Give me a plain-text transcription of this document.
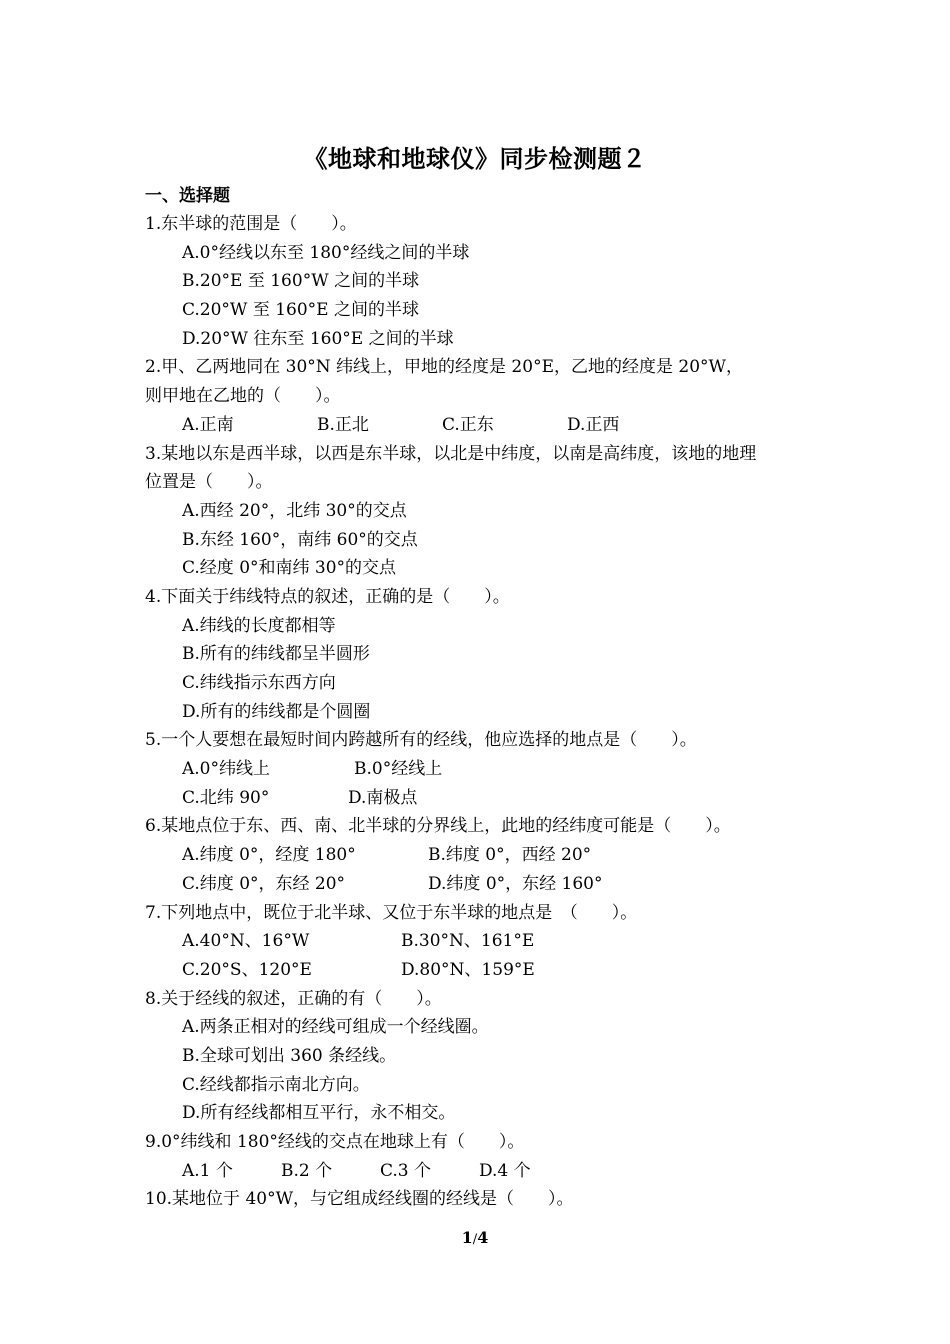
《地球和地球仪》同步检测题２
一、选择题
1.东半球的范围是（　　）。
A.0°经线以东至 180°经线之间的半球
B.20°E 至 160°W 之间的半球
C.20°W 至 160°E 之间的半球
D.20°W 往东至 160°E 之间的半球
2.甲、乙两地同在 30°N 纬线上，甲地的经度是 20°E，乙地的经度是 20°W，
则甲地在乙地的（　　）。
A.正南	B.正北	C.正东	D.正西
3.某地以东是西半球，以西是东半球，以北是中纬度，以南是高纬度，该地的地理
位置是（　　）。
A.西经 20°，北纬 30°的交点
B.东经 160°，南纬 60°的交点
C.经度 0°和南纬 30°的交点
4.下面关于纬线特点的叙述，正确的是（　　）。
A.纬线的长度都相等
B.所有的纬线都呈半圆形
C.纬线指示东西方向
D.所有的纬线都是个圆圈
5.一个人要想在最短时间内跨越所有的经线，他应选择的地点是（　　）。
A.0°纬线上	B.0°经线上
C.北纬 90°	D.南极点
6.某地点位于东、西、南、北半球的分界线上，此地的经纬度可能是（　　）。
A.纬度 0°，经度 180°	B.纬度 0°，西经 20°
C.纬度 0°，东经 20°	D.纬度 0°，东经 160°
7.下列地点中，既位于北半球、又位于东半球的地点是　（　　）。
A.40°N、16°W	B.30°N、161°E
C.20°S、120°E	D.80°N、159°E
8.关于经线的叙述，正确的有（　　）。
A.两条正相对的经线可组成一个经线圈。
B.全球可划出 360 条经线。
C.经线都指示南北方向。
D.所有经线都相互平行，永不相交。
9.0°纬线和 180°经线的交点在地球上有（　　）。
A.1 个	B.2 个	C.3 个	D.4 个
10.某地位于 40°W，与它组成经线圈的经线是（　　）。
1/4
